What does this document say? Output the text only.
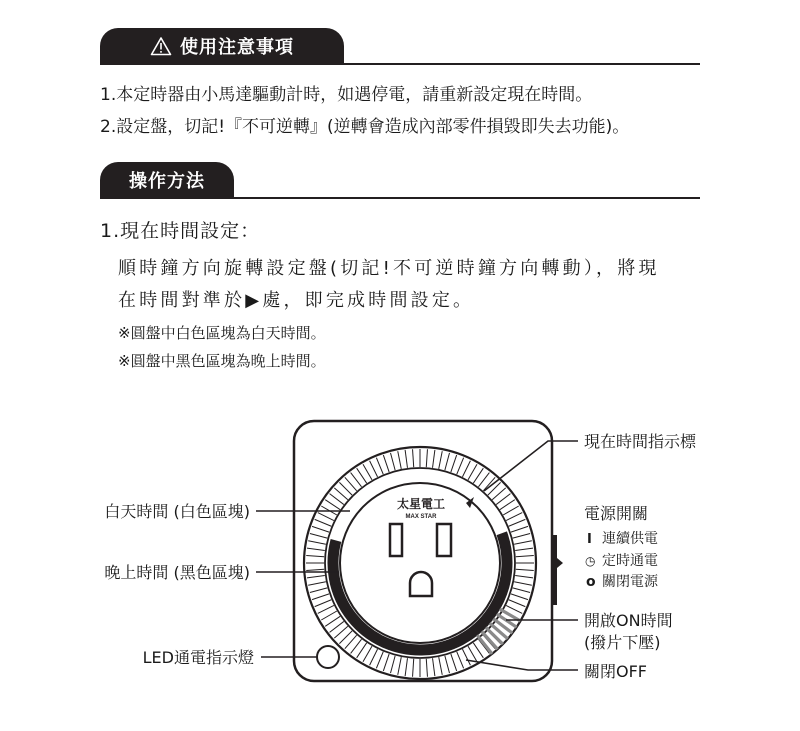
使用注意事項
1.本定時器由小馬達驅動計時，如遇停電，請重新設定現在時間。
2.設定盤，切記!『不可逆轉』(逆轉會造成內部零件損毀即失去功能)。
操作方法
1.現在時間設定：
順時鐘方向旋轉設定盤(切記!不可逆時鐘方向轉動），將現
在時間對準於▶處，即完成時間設定。
※圓盤中白色區塊為白天時間。
※圓盤中黑色區塊為晚上時間。
太星電工
MAX STAR
現在時間指示標
白天時間 (白色區塊)
晚上時間 (黑色區塊)
LED通電指示燈
電源開關
I 連續供電
◷ 定時通電
o 關閉電源
開啟ON時間
(撥片下壓)
關閉OFF
